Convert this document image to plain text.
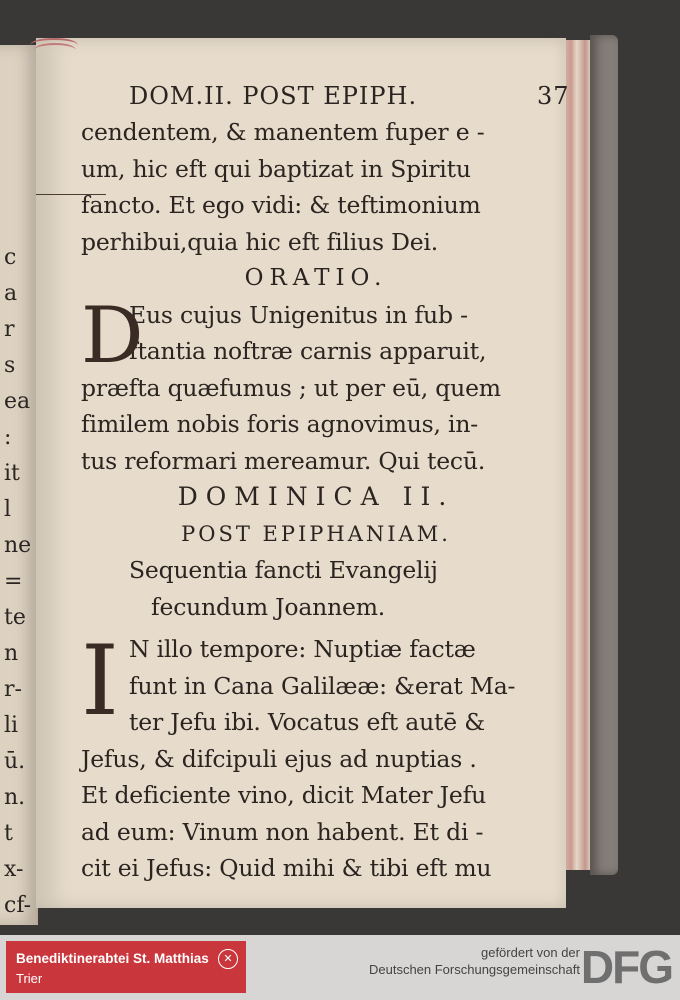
c
a
r
s
ea
:
it
l
ne
=
te
n
r-
li
ū.
n.
t
x-
cf-
DOM.II. POST EPIPH.	37
cendentem, & manentem fuper e -
um, hic eft qui baptizat in Spiritu
fancto. Et ego vidi: & teftimonium
perhibui,quia hic eft filius Dei.
ORATIO.
D
Eus cujus Unigenitus in fub -
ftantia noftræ carnis apparuit,
præfta quæfumus ; ut per eū, quem
fimilem nobis foris agnovimus, in-
tus reformari mereamur. Qui tecū.
DOMINICA II.
POST EPIPHANIAM.
Sequentia fancti Evangelij
fecundum Joannem.
I N illo tempore: Nuptiæ factæ
funt in Cana Galilææ: &erat Ma-
ter Jefu ibi. Vocatus eft autē &
Jefus, & difcipuli ejus ad nuptias .
Et deficiente vino, dicit Mater Jefu
ad eum: Vinum non habent. Et di -
cit ei Jefus: Quid mihi & tibi eft mu
Benediktinerabtei St. Matthias
Trier
✕	gefördert von der
Deutschen Forschungsgemeinschaft DFG
